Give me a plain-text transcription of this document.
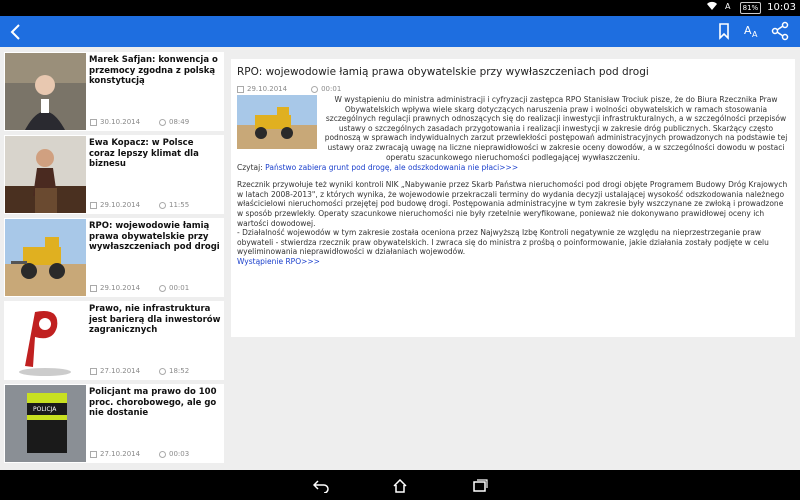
A	81% 10:03
A A
Marek Safjan: konwencja o przemocy zgodna z polską konstytucją
30.10.2014	08:49
Ewa Kopacz: w Polsce coraz lepszy klimat dla biznesu
29.10.2014	11:55
RPO: wojewodowie łamią prawa obywatelskie przy wywłaszczeniach pod drogi
29.10.2014	00:01
Prawo, nie infrastruktura jest barierą dla inwestorów zagranicznych
27.10.2014	18:52
POLICJA
Policjant ma prawo do 100 proc. chorobowego, ale go nie dostanie
27.10.2014	00:03
RPO: wojewodowie łamią prawa obywatelskie przy wywłaszczeniach pod drogi
29.10.2014	00:01

W wystąpieniu do ministra administracji i cyfryzacji zastępca RPO Stanisław Trociuk pisze, że do Biura Rzecznika Praw Obywatelskich wpływa wiele skarg dotyczących naruszenia praw i wolności obywatelskich w ramach stosowania szczególnych regulacji prawnych odnoszących się do realizacji inwestycji infrastrukturalnych, a w szczególności przepisów ustawy o szczególnych zasadach przygotowania i realizacji inwestycji w zakresie dróg publicznych. Skarżący często podnoszą w sprawach indywidualnych zarzut przewlekłości postępowań administracyjnych prowadzonych na podstawie tej ustawy oraz zwracają uwagę na liczne nieprawidłowości w zakresie oceny dowodów, a w szczególności dowodu w postaci operatu szacunkowego nieruchomości podlegającej wywłaszczeniu.

Czytaj: Państwo zabiera grunt pod drogę, ale odszkodowania nie płaci>>>
Rzecznik przywołuje też wyniki kontroli NIK „Nabywanie przez Skarb Państwa nieruchomości pod drogi objęte Programem Budowy Dróg Krajowych w latach 2008-2013", z których wynika, że wojewodowie przekraczali terminy do wydania decyzji ustalającej wysokość odszkodowania należnego właścicielowi nieruchomości przejętej pod budowę drogi. Postępowania administracyjne w tym zakresie były wszczynane ze zwłoką i prowadzone w sposób przewlekły. Operaty szacunkowe nieruchomości nie były rzetelnie weryfikowane, ponieważ nie dokonywano prawidłowej oceny ich wartości dowodowej.
- Działalność wojewodów w tym zakresie została oceniona przez Najwyższą Izbę Kontroli negatywnie ze względu na nieprzestrzeganie praw obywateli - stwierdza rzecznik praw obywatelskich. I zwraca się do ministra z prośbą o poinformowanie, jakie działania zostały podjęte w celu wyeliminowania nieprawidłowości w działaniach wojewodów.
Wystąpienie RPO>>>
